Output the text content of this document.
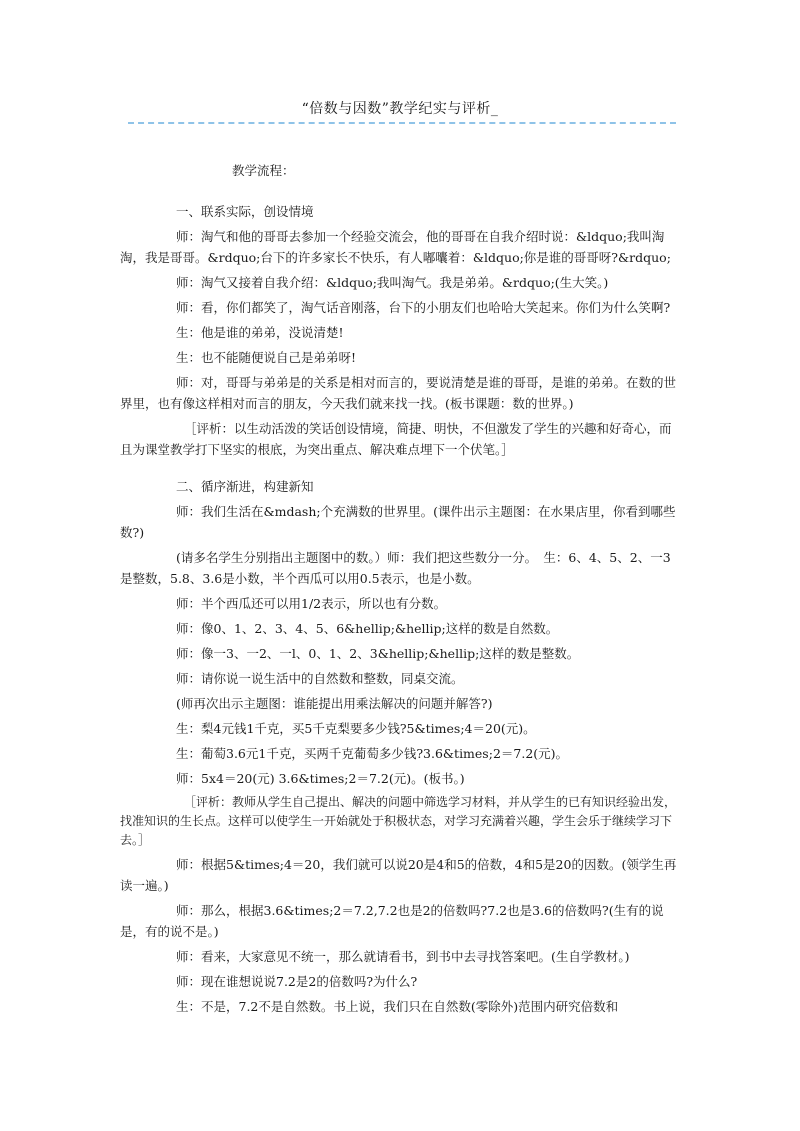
“倍数与因数”教学纪实与评析_

教学流程：

一、联系实际，创设情境

师：淘气和他的哥哥去参加一个经验交流会，他的哥哥在自我介绍时说：&ldquo;我叫淘淘，我是哥哥。&rdquo;台下的许多家长不快乐，有人嘟囔着：&ldquo;你是谁的哥哥呀?&rdquo;

师：淘气又接着自我介绍：&ldquo;我叫淘气。我是弟弟。&rdquo;(生大笑。)

师：看，你们都笑了，淘气话音刚落，台下的小朋友们也哈哈大笑起来。你们为什么笑啊?

生：他是谁的弟弟，没说清楚!

生：也不能随便说自己是弟弟呀!

师：对，哥哥与弟弟是的关系是相对而言的，要说清楚是谁的哥哥，是谁的弟弟。在数的世界里，也有像这样相对而言的朋友，今天我们就来找一找。(板书课题：数的世界。)

［评析：以生动活泼的笑话创设情境，简捷、明快，不但激发了学生的兴趣和好奇心，而且为课堂教学打下坚实的根底，为突出重点、解决难点埋下一个伏笔。］

二、循序渐进，构建新知

师：我们生活在&mdash;个充满数的世界里。(课件出示主题图：在水果店里，你看到哪些数?)

(请多名学生分别指出主题图中的数。）师：我们把这些数分一分。　生：6、4、5、2、一3是整数，5.8、3.6是小数，半个西瓜可以用0.5表示，也是小数。

师：半个西瓜还可以用1/2表示，所以也有分数。

师：像0、1、2、3、4、5、6&hellip;&hellip;这样的数是自然数。

师：像一3、一2、一l、0、1、2、3&hellip;&hellip;这样的数是整数。

师：请你说一说生活中的自然数和整数，同桌交流。

(师再次出示主题图：谁能提出用乘法解决的问题并解答?)

生：梨4元钱1千克，买5千克梨要多少钱?5&times;4＝20(元)。

生：葡萄3.6元1千克，买两千克葡萄多少钱?3.6&times;2＝7.2(元)。

师：5x4＝20(元) 3.6&times;2＝7.2(元)。(板书。)

［评析：教师从学生自己提出、解决的问题中筛选学习材料，并从学生的已有知识经验出发，找准知识的生长点。这样可以使学生一开始就处于积极状态，对学习充满着兴趣，学生会乐于继续学习下去。］

师：根据5&times;4＝20，我们就可以说20是4和5的倍数，4和5是20的因数。(领学生再读一遍。)

师：那么，根据3.6&times;2＝7.2,7.2也是2的倍数吗?7.2也是3.6的倍数吗?(生有的说是，有的说不是。)

师：看来，大家意见不统一，那么就请看书，到书中去寻找答案吧。(生自学教材。)

师：现在谁想说说7.2是2的倍数吗?为什么?

生：不是，7.2不是自然数。书上说，我们只在自然数(零除外)范围内研究倍数和
